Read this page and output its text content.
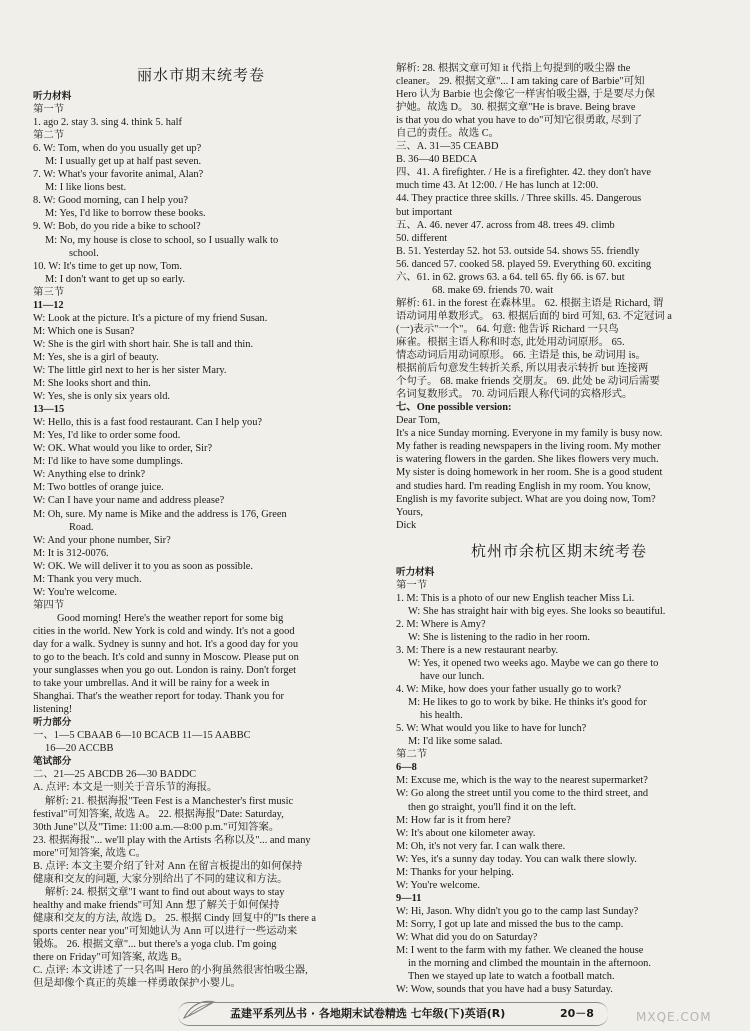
丽水市期末统考卷
听力材料
第一节
1. ago 2. stay 3. sing 4. think 5. half
第二节
6. W: Tom, when do you usually get up?
M: I usually get up at half past seven.
7. W: What's your favorite animal, Alan?
M: I like lions best.
8. W: Good morning, can I help you?
M: Yes, I'd like to borrow these books.
9. W: Bob, do you ride a bike to school?
M: No, my house is close to school, so I usually walk to
school.
10. W: It's time to get up now, Tom.
M: I don't want to get up so early.
第三节
11—12
W: Look at the picture. It's a picture of my friend Susan.
M: Which one is Susan?
W: She is the girl with short hair. She is tall and thin.
M: Yes, she is a girl of beauty.
W: The little girl next to her is her sister Mary.
M: She looks short and thin.
W: Yes, she is only six years old.
13—15
W: Hello, this is a fast food restaurant. Can I help you?
M: Yes, I'd like to order some food.
W: OK. What would you like to order, Sir?
M: I'd like to have some dumplings.
W: Anything else to drink?
M: Two bottles of orange juice.
W: Can I have your name and address please?
M: Oh, sure. My name is Mike and the address is 176, Green
Road.
W: And your phone number, Sir?
M: It is 312-0076.
W: OK. We will deliver it to you as soon as possible.
M: Thank you very much.
W: You're welcome.
第四节
Good morning! Here's the weather report for some big
cities in the world. New York is cold and windy. It's not a good
day for a walk. Sydney is sunny and hot. It's a good day for you
to go to the beach. It's cold and sunny in Moscow. Please put on
your sunglasses when you go out. London is rainy. Don't forget
to take your umbrellas. And it will be rainy for a week in
Shanghai. That's the weather report for today. Thank you for
listening!
听力部分
一、1—5 CBAAB 6—10 BCACB 11—15 AABBC
16—20 ACCBB
笔试部分
二、21—25 ABCDB 26—30 BADDC
A. 点评: 本文是一则关于音乐节的海报。
解析: 21. 根据海报"Teen Fest is a Manchester's first music
festival"可知答案, 故选 A。 22. 根据海报"Date: Saturday,
30th June"以及"Time: 11:00 a.m.—8:00 p.m."可知答案。
23. 根据海报"... we'll play with the Artists 名称以及"... and many
more"可知答案, 故选 C。
B. 点评: 本文主要介绍了针对 Ann 在留言板提出的如何保持
健康和交友的问题, 大家分别给出了不同的建议和方法。
解析: 24. 根据文章"I want to find out about ways to stay
healthy and make friends"可知 Ann 想了解关于如何保持
健康和交友的方法, 故选 D。 25. 根据 Cindy 回复中的"Is there a
sports center near you"可知她认为 Ann 可以进行一些运动来
锻炼。 26. 根据文章"... but there's a yoga club. I'm going
there on Friday"可知答案, 故选 B。
C. 点评: 本文讲述了一只名叫 Hero 的小狗虽然很害怕吸尘器,
但是却像个真正的英雄一样勇敢保护小婴儿。
解析: 28. 根据文章可知 it 代指上句提到的吸尘器 the
cleaner。 29. 根据文章"... I am taking care of Barbie"可知
Hero 认为 Barbie 也会像它一样害怕吸尘器, 于是要尽力保
护她。故选 D。 30. 根据文章"He is brave. Being brave
is that you do what you have to do"可知它很勇敢, 尽到了
自己的责任。故选 C。
三、A. 31—35 CEABD
B. 36—40 BEDCA
四、41. A firefighter. / He is a firefighter. 42. they don't have
much time 43. At 12:00. / He has lunch at 12:00.
44. They practice three skills. / Three skills. 45. Dangerous
but important
五、A. 46. never 47. across from 48. trees 49. climb
50. different
B. 51. Yesterday 52. hot 53. outside 54. shows 55. friendly
56. danced 57. cooked 58. played 59. Everything 60. exciting
六、61. in 62. grows 63. a 64. tell 65. fly 66. is 67. but
68. make 69. friends 70. wait
解析: 61. in the forest 在森林里。 62. 根据主语是 Richard, 谓
语动词用单数形式。 63. 根据后面的 bird 可知, 63. 不定冠词 a
(一)表示"一个"。 64. 句意: 他告诉 Richard 一只鸟
麻雀。根据主语人称和时态, 此处用动词原形。 65.
情态动词后用动词原形。 66. 主语是 this, be 动词用 is。
根据前后句意发生转折关系, 所以用表示转折 but 连接两
个句子。 68. make friends 交朋友。 69. 此处 be 动词后需要
名词复数形式。 70. 动词后跟人称代词的宾格形式。
七、One possible version:
Dear Tom,
It's a nice Sunday morning. Everyone in my family is busy now.
My father is reading newspapers in the living room. My mother
is watering flowers in the garden. She likes flowers very much.
My sister is doing homework in her room. She is a good student
and studies hard. I'm reading English in my room. You know,
English is my favorite subject. What are you doing now, Tom?
Yours,
Dick
杭州市余杭区期末统考卷
听力材料
第一节
1. M: This is a photo of our new English teacher Miss Li.
W: She has straight hair with big eyes. She looks so beautiful.
2. M: Where is Amy?
W: She is listening to the radio in her room.
3. M: There is a new restaurant nearby.
W: Yes, it opened two weeks ago. Maybe we can go there to
have our lunch.
4. W: Mike, how does your father usually go to work?
M: He likes to go to work by bike. He thinks it's good for
his health.
5. W: What would you like to have for lunch?
M: I'd like some salad.
第二节
6—8
M: Excuse me, which is the way to the nearest supermarket?
W: Go along the street until you come to the third street, and
then go straight, you'll find it on the left.
M: How far is it from here?
W: It's about one kilometer away.
M: Oh, it's not very far. I can walk there.
W: Yes, it's a sunny day today. You can walk there slowly.
M: Thanks for your helping.
W: You're welcome.
9—11
W: Hi, Jason. Why didn't you go to the camp last Sunday?
M: Sorry, I got up late and missed the bus to the camp.
W: What did you do on Saturday?
M: I went to the farm with my father. We cleaned the house
in the morning and climbed the mountain in the afternoon.
Then we stayed up late to watch a football match.
W: Wow, sounds that you have had a busy Saturday.
孟建平系列丛书 · 各地期末试卷精选 七年级(下)英语(R)	20－8	MXQE.COM
